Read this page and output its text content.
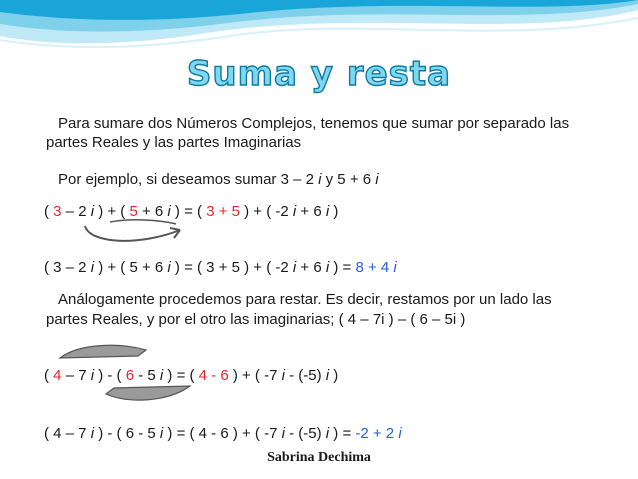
Suma y resta
Para sumare dos Números Complejos, tenemos que sumar por separado las
partes Reales y las partes Imaginarias
Por ejemplo, si deseamos sumar 3 – 2 i y 5 + 6 i
( 3 – 2 i ) + ( 5 + 6 i ) = ( 3 + 5 ) + ( -2 i + 6 i )
( 3 – 2 i ) + ( 5 + 6 i ) = ( 3 + 5 ) + ( -2 i + 6 i ) = 8 + 4 i
Análogamente procedemos para restar. Es decir, restamos por un lado las
partes Reales, y por el otro las imaginarias; ( 4 – 7i ) – ( 6 – 5i )
( 4 – 7 i ) - ( 6 - 5 i ) = ( 4 - 6 ) + ( -7 i - (-5) i )
( 4 – 7 i ) - ( 6 - 5 i ) = ( 4 - 6 ) + ( -7 i - (-5) i ) = -2 + 2 i
Sabrina Dechima
